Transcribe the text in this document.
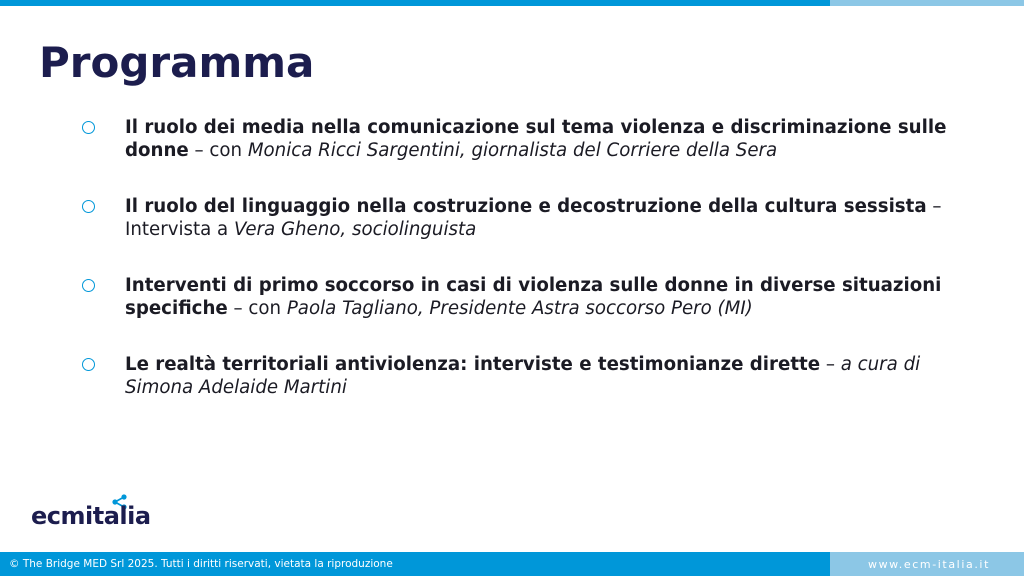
Programma
Il ruolo dei media nella comunicazione sul tema violenza e discriminazione sulle donne – con Monica Ricci Sargentini, giornalista del Corriere della Sera
Il ruolo del linguaggio nella costruzione e decostruzione della cultura sessista – Intervista a Vera Gheno, sociolinguista
Interventi di primo soccorso in casi di violenza sulle donne in diverse situazioni specifiche – con Paola Tagliano, Presidente Astra soccorso Pero (MI)
Le realtà territoriali antiviolenza: interviste e testimonianze dirette – a cura di Simona Adelaide Martini
ecmitalia
© The Bridge MED Srl 2025. Tutti i diritti riservati, vietata la riproduzione	www.ecm-italia.it
